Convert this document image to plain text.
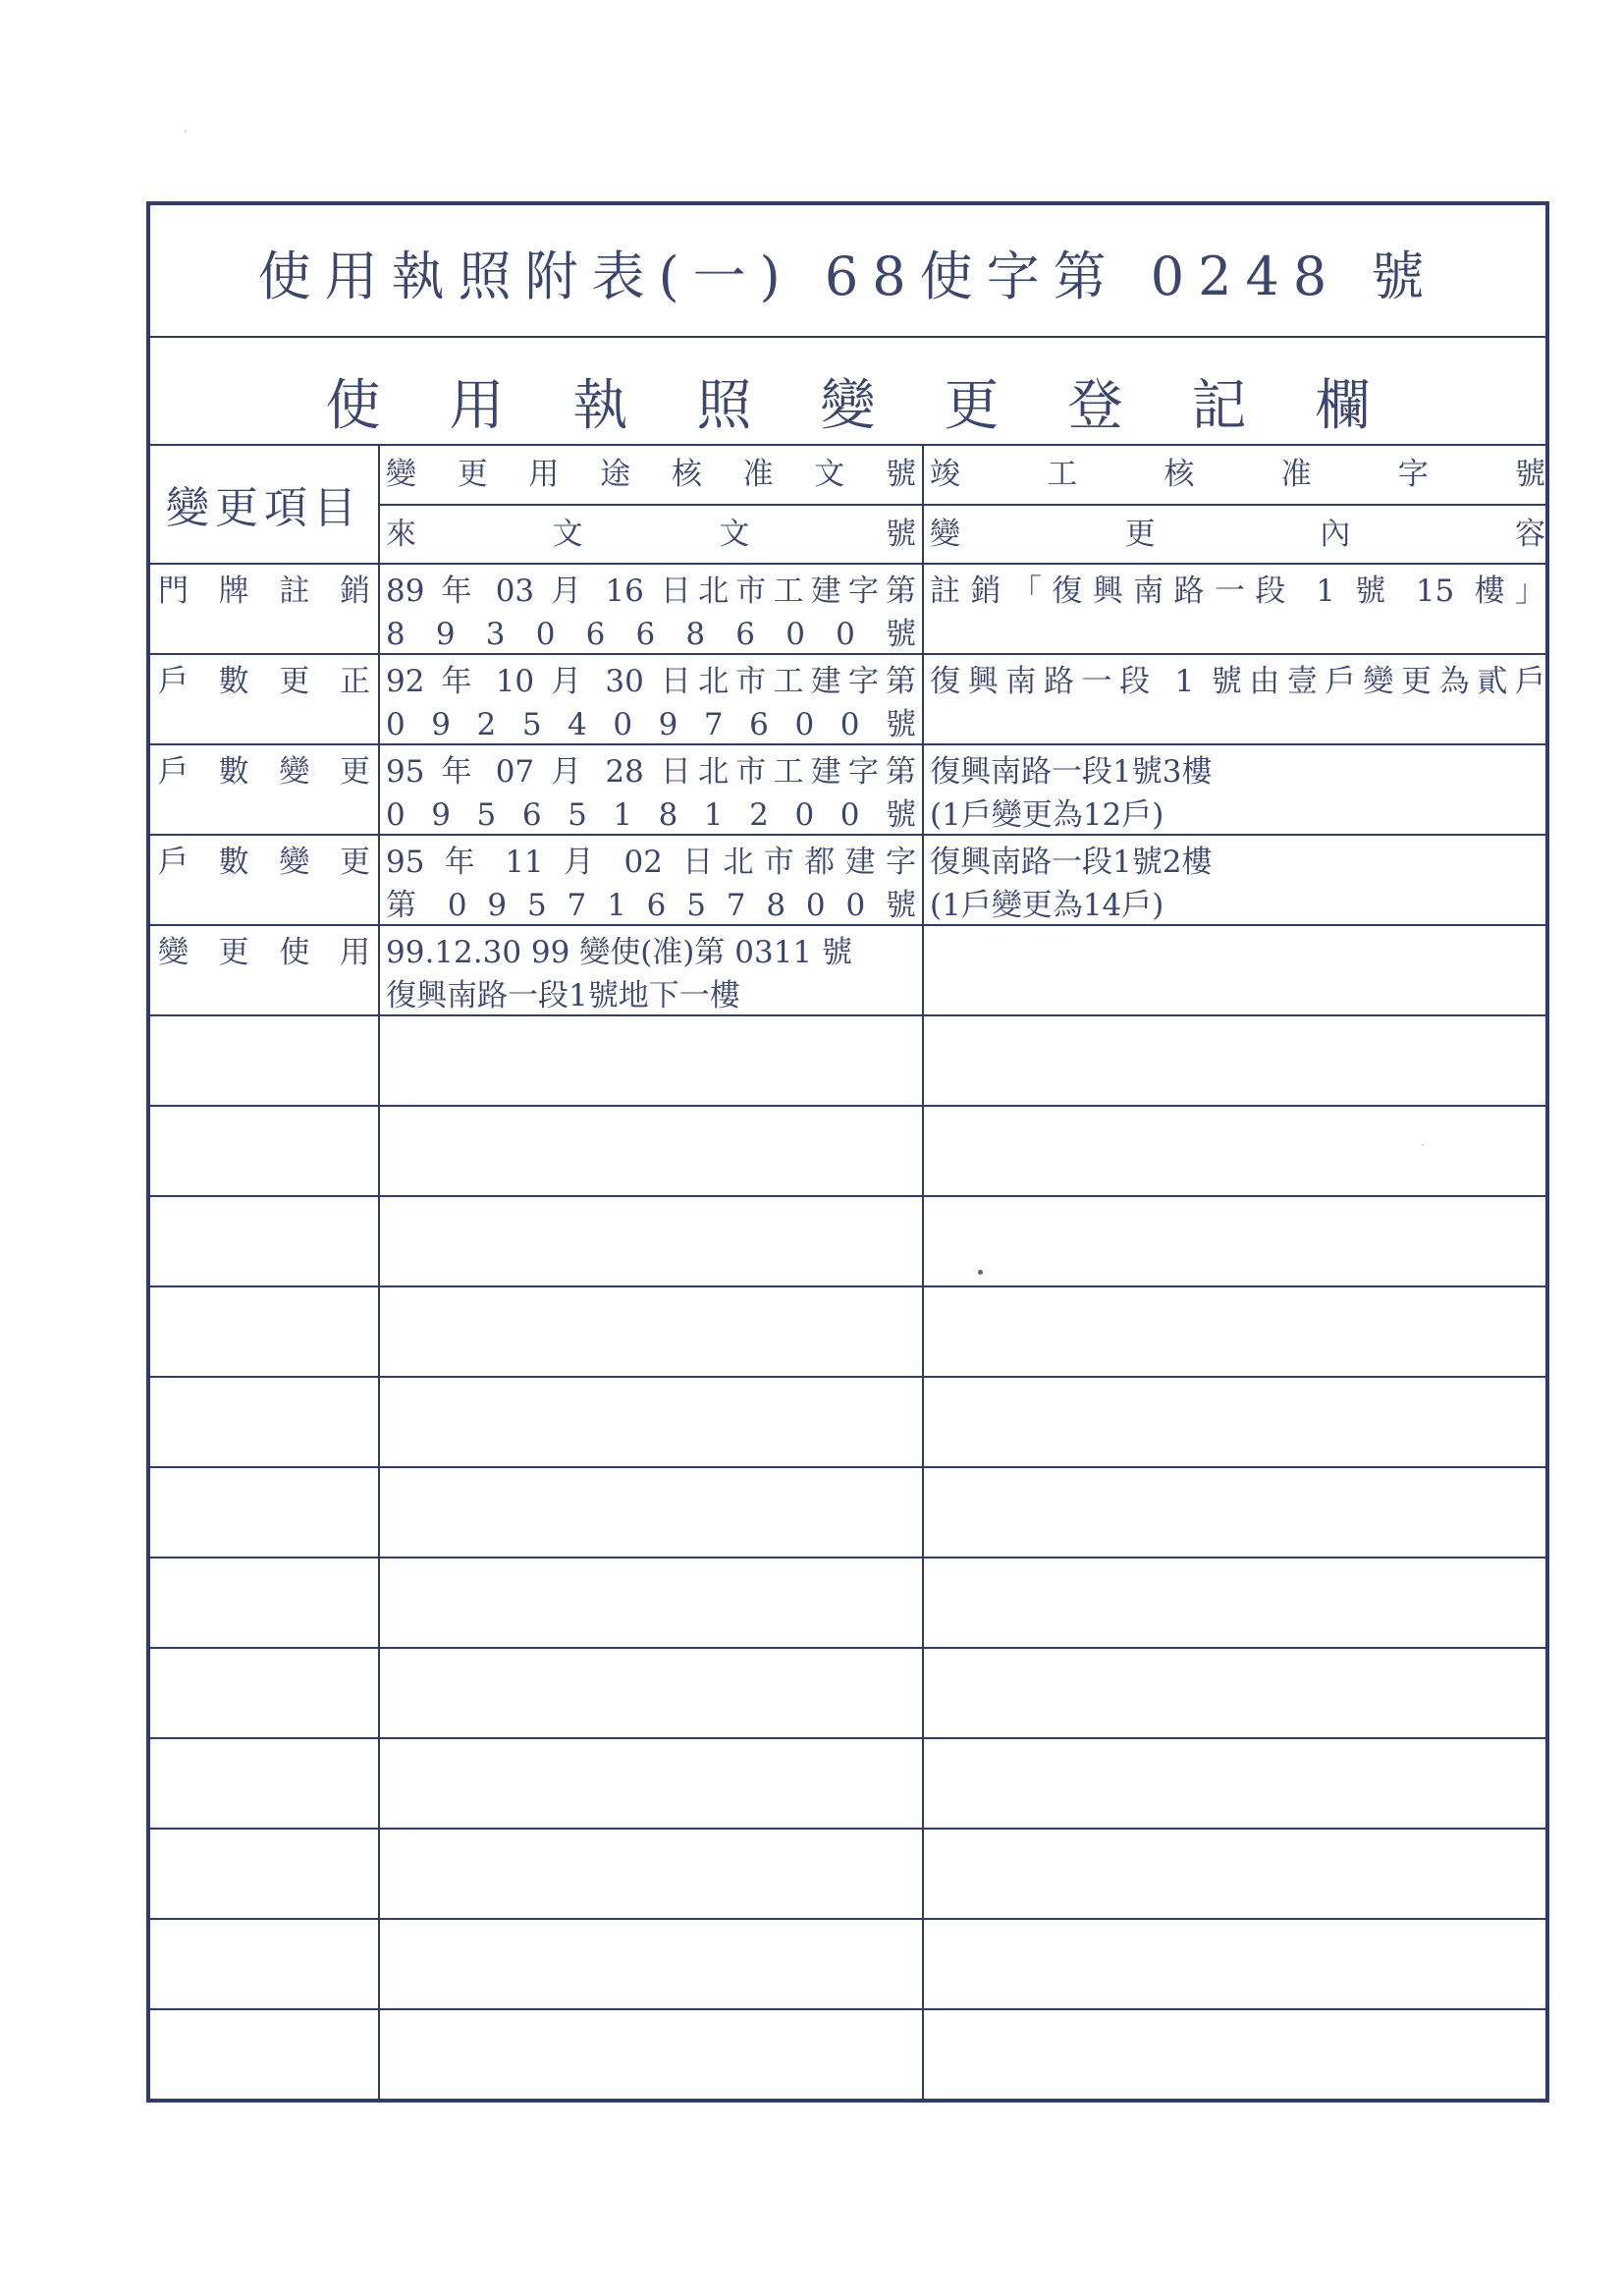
使用執照附表(一) 68使字第 0248 號
使用執照變更登記欄
變更項目
變更用途核准文號 竣工核准字號
來文文號 變更內容
門牌註銷 89 年 03 月 16 日北市工建字第
8 9 3 0 6 6 8 6 0 0 號
註銷「復興南路一段 1 號 15 樓」
戶數更正 92 年 10 月 30 日北市工建字第
0 9 2 5 4 0 9 7 6 0 0 號
復興南路一段 1 號由壹戶變更為貳戶
戶數變更 95 年 07 月 28 日北市工建字第
0 9 5 6 5 1 8 1 2 0 0 號
復興南路一段1號3樓
(1戶變更為12戶)
戶數變更 95 年 11 月 02 日北市都建字
第 0 9 5 7 1 6 5 7 8 0 0 號
復興南路一段1號2樓
(1戶變更為14戶)
變更使用 99.12.30 99 變使(准)第 0311 號
復興南路一段1號地下一樓
